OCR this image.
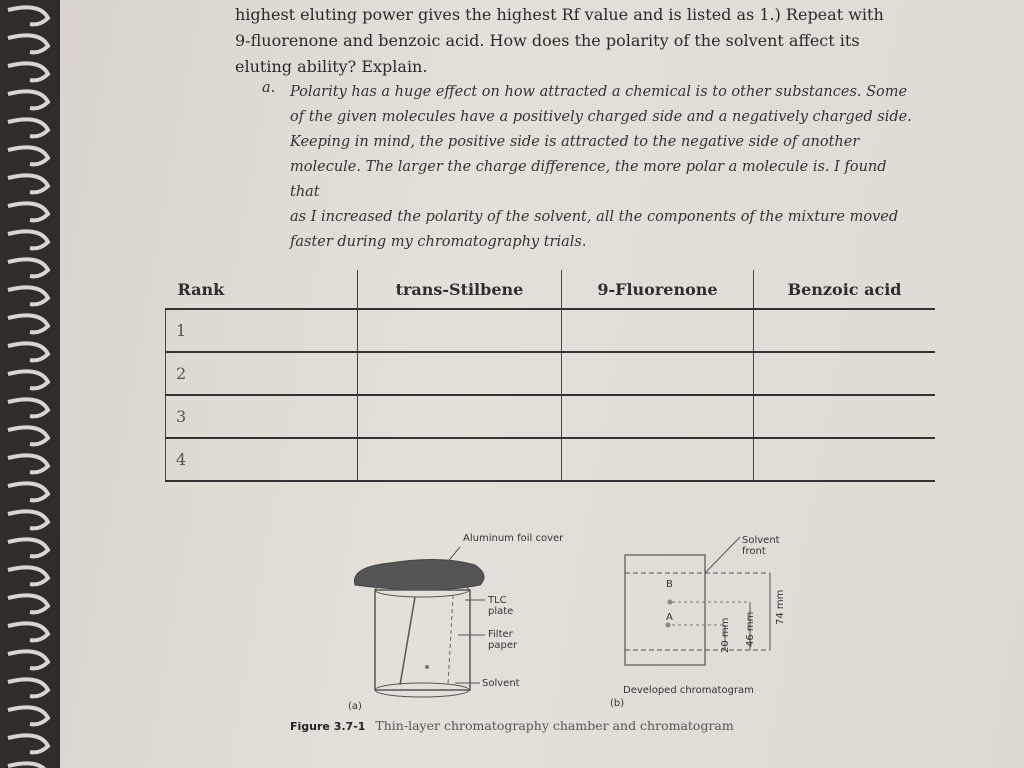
highest eluting power gives the highest Rf value and is listed as 1.) Repeat with
9-fluorenone and benzoic acid. How does the polarity of the solvent affect its
eluting ability? Explain.
a. Polarity has a huge effect on how attracted a chemical is to other substances. Some
of the given molecules have a positively charged side and a negatively charged side.
Keeping in mind, the positive side is attracted to the negative side of another
molecule. The larger the charge difference, the more polar a molecule is. I found that
as I increased the polarity of the solvent, all the components of the mixture moved
faster during my chromatography trials.
Rank	trans-Stilbene	9-Fluorenone	Benzoic acid
1			
2			
3			
4			
Aluminum foil cover
TLC plate
Filter paper
Solvent
(a)
Solvent front
B
A
20 mm 46 mm
74 mm
Developed chromatogram
(b)
Figure 3.7-1 Thin-layer chromatography chamber and chromatogram
